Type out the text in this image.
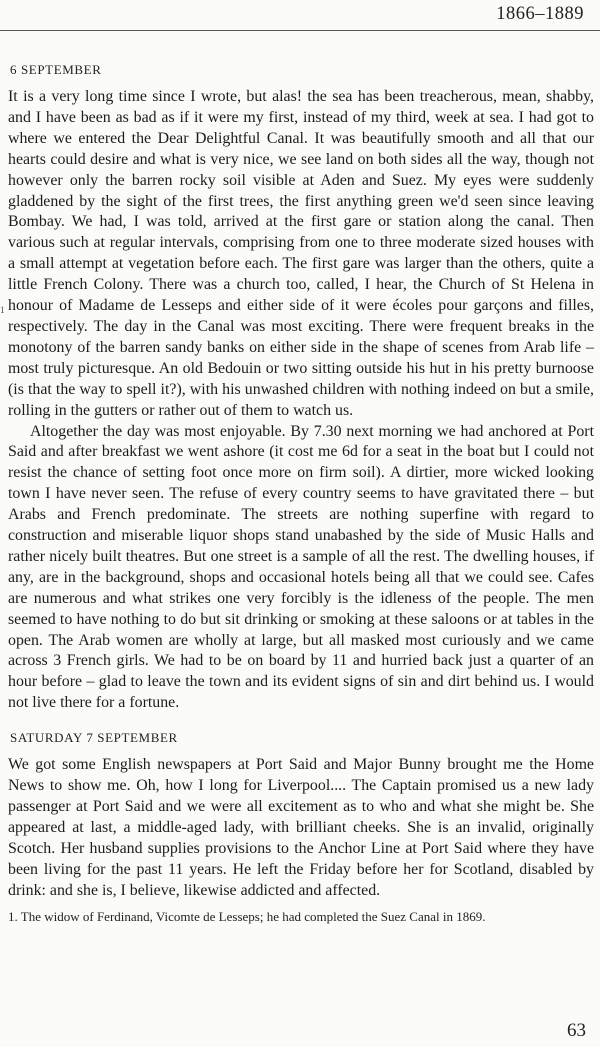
1866–1889
1
6 SEPTEMBER

It is a very long time since I wrote, but alas! the sea has been treacherous, mean, shabby, and I have been as bad as if it were my first, instead of my third, week at sea. I had got to where we entered the Dear Delightful Canal. It was beautifully smooth and all that our hearts could desire and what is very nice, we see land on both sides all the way, though not however only the barren rocky soil visible at Aden and Suez. My eyes were suddenly gladdened by the sight of the first trees, the first anything green we'd seen since leaving Bombay. We had, I was told, arrived at the first gare or station along the canal. Then various such at regular intervals, comprising from one to three moderate sized houses with a small attempt at vegetation before each. The first gare was larger than the others, quite a little French Colony. There was a church too, called, I hear, the Church of St Helena in honour of Madame de Lesseps and either side of it were écoles pour garçons and filles, respectively. The day in the Canal was most exciting. There were frequent breaks in the monotony of the barren sandy banks on either side in the shape of scenes from Arab life – most truly picturesque. An old Bedouin or two sitting outside his hut in his pretty burnoose (is that the way to spell it?), with his unwashed children with nothing indeed on but a smile, rolling in the gutters or rather out of them to watch us.

Altogether the day was most enjoyable. By 7.30 next morning we had anchored at Port Said and after breakfast we went ashore (it cost me 6d for a seat in the boat but I could not resist the chance of setting foot once more on firm soil). A dirtier, more wicked looking town I have never seen. The refuse of every country seems to have gravitated there – but Arabs and French predominate. The streets are nothing superfine with regard to construction and miserable liquor shops stand unabashed by the side of Music Halls and rather nicely built theatres. But one street is a sample of all the rest. The dwelling houses, if any, are in the background, shops and occasional hotels being all that we could see. Cafes are numerous and what strikes one very forcibly is the idleness of the people. The men seemed to have nothing to do but sit drinking or smoking at these saloons or at tables in the open. The Arab women are wholly at large, but all masked most curiously and we came across 3 French girls. We had to be on board by 11 and hurried back just a quarter of an hour before – glad to leave the town and its evident signs of sin and dirt behind us. I would not live there for a fortune.

SATURDAY 7 SEPTEMBER

We got some English newspapers at Port Said and Major Bunny brought me the Home News to show me. Oh, how I long for Liverpool.... The Captain promised us a new lady passenger at Port Said and we were all excitement as to who and what she might be. She appeared at last, a middle-aged lady, with brilliant cheeks. She is an invalid, originally Scotch. Her husband supplies provisions to the Anchor Line at Port Said where they have been living for the past 11 years. He left the Friday before her for Scotland, disabled by drink: and she is, I believe, likewise addicted and affected.

1. The widow of Ferdinand, Vicomte de Lesseps; he had completed the Suez Canal in 1869.
63
